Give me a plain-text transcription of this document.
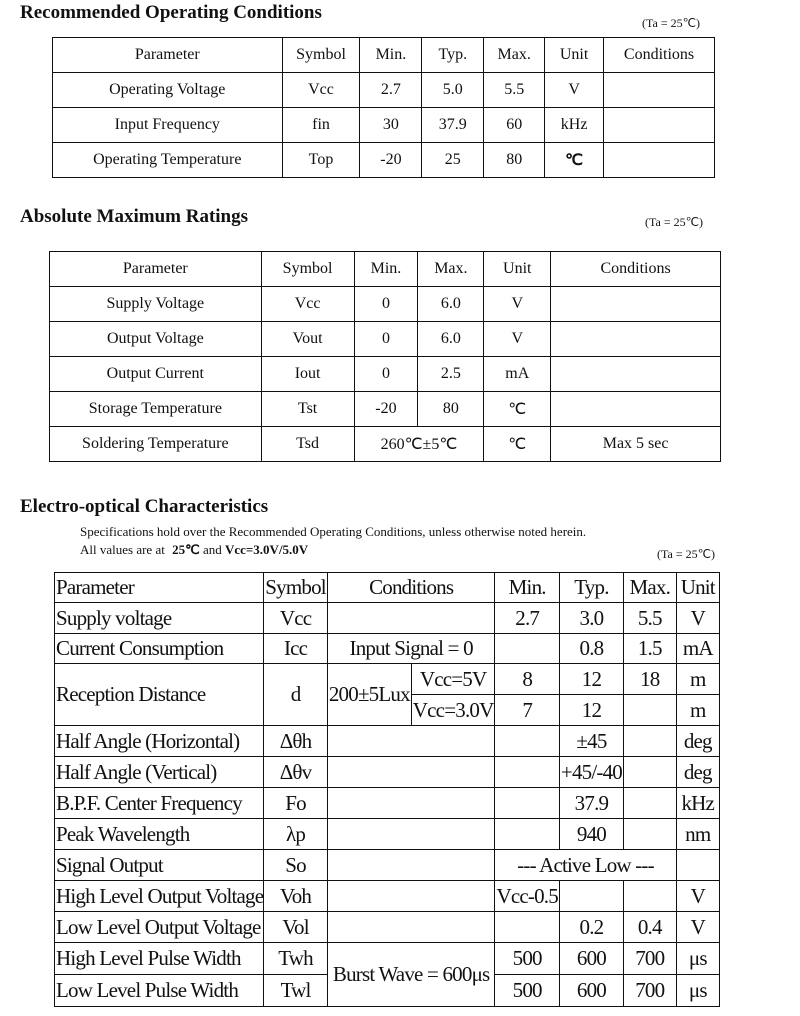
Recommended Operating Conditions	(Ta = 25℃)
Parameter	Symbol	Min.	Typ.	Max.	Unit	Conditions
Operating Voltage	Vcc	2.7	5.0	5.5	V	
Input Frequency	fin	30	37.9	60	kHz	
Operating Temperature	Top	-20	25	80	℃	
Absolute Maximum Ratings	(Ta = 25℃)
Parameter	Symbol	Min.	Max.	Unit	Conditions
Supply Voltage	Vcc	0	6.0	V	
Output Voltage	Vout	0	6.0	V	
Output Current	Iout	0	2.5	mA	
Storage Temperature	Tst	-20	80	℃	
Soldering Temperature	Tsd	260℃±5℃		℃	Max 5 sec
Electro-optical Characteristics
Specifications hold over the Recommended Operating Conditions, unless otherwise noted herein.
All values are at 25℃ and Vcc=3.0V/5.0V	(Ta = 25℃)
Parameter	Symbol	Conditions		Min.	Typ.	Max.	Unit
Supply voltage	Vcc			2.7	3.0	5.5	V
Current Consumption	Icc	Input Signal = 0			0.8	1.5	mA
Reception Distance	d	200±5Lux	Vcc=5V	8	12	18	m
			Vcc=3.0V	7	12		m
Half Angle (Horizontal)	Δθh				±45		deg
Half Angle (Vertical)	Δθv				+45/-40		deg
B.P.F. Center Frequency	Fo				37.9		kHz
Peak Wavelength	λp				940		nm
Signal Output	So			--- Active Low ---			
High Level Output Voltage	Voh			Vcc-0.5			V
Low Level Output Voltage	Vol				0.2	0.4	V
High Level Pulse Width	Twh	Burst Wave = 600μs		500	600	700	μs
Low Level Pulse Width	Twl			500	600	700	μs
